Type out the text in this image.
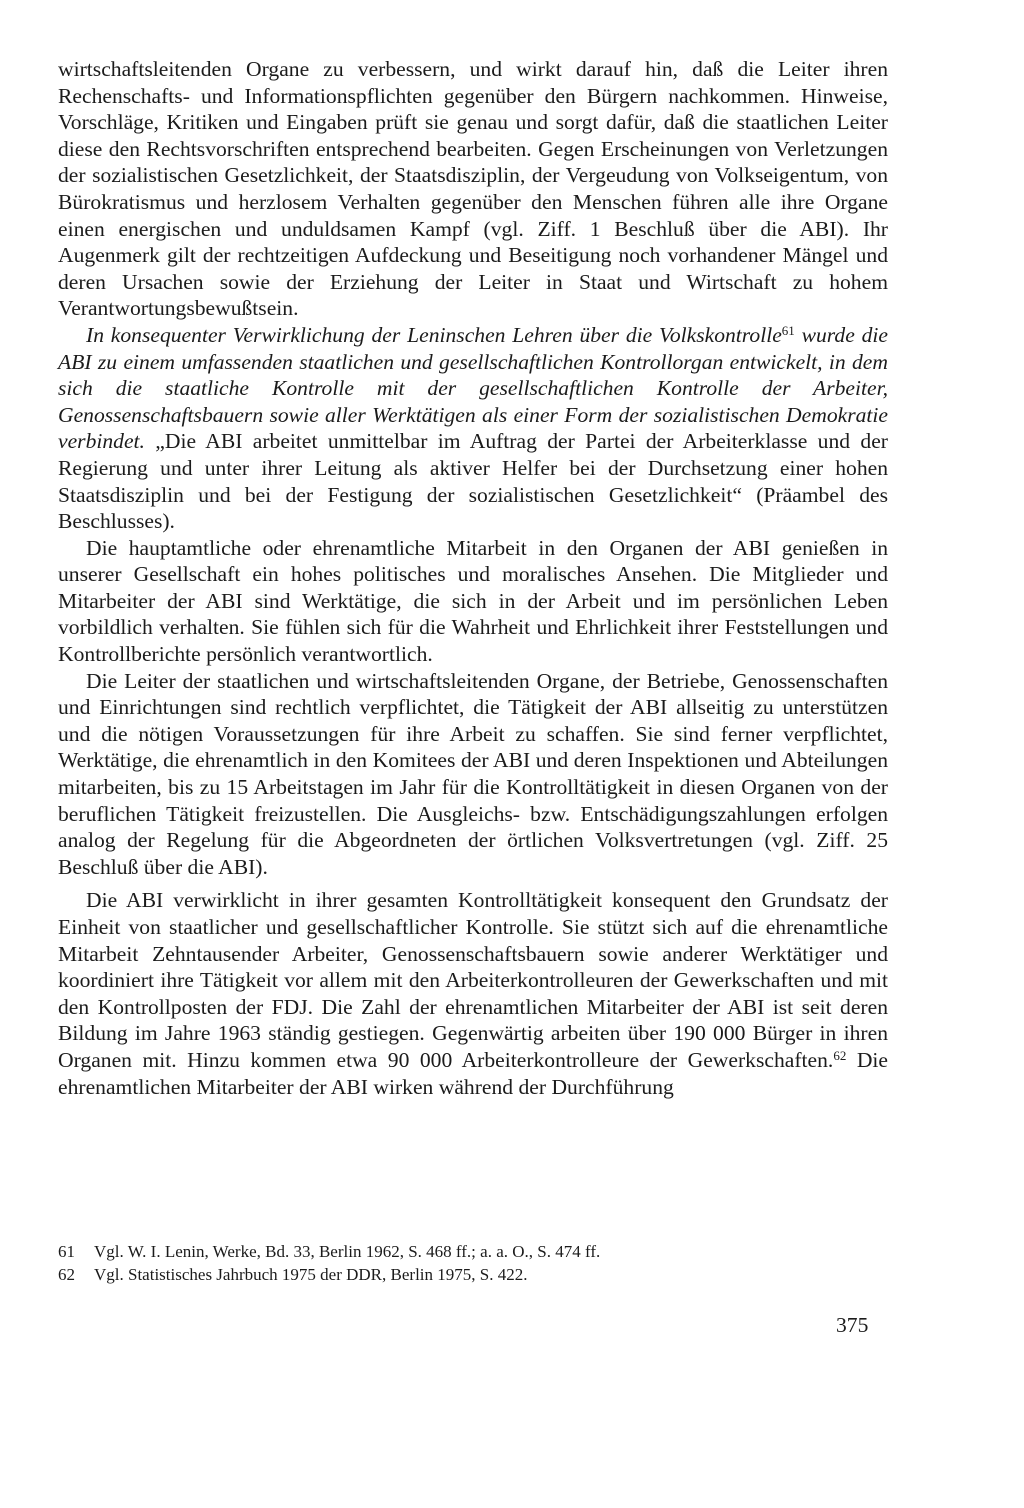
wirtschaftsleitenden Organe zu verbessern, und wirkt darauf hin, daß die Leiter ihren Rechenschafts- und Informationspflichten gegenüber den Bürgern nachkommen. Hinweise, Vorschläge, Kritiken und Eingaben prüft sie genau und sorgt dafür, daß die staatlichen Leiter diese den Rechtsvorschriften entsprechend bearbeiten. Gegen Erscheinungen von Verletzungen der sozialistischen Gesetzlichkeit, der Staatsdisziplin, der Vergeudung von Volkseigentum, von Bürokratismus und herzlosem Verhalten gegenüber den Menschen führen alle ihre Organe einen energischen und unduldsamen Kampf (vgl. Ziff. 1 Beschluß über die ABI). Ihr Augenmerk gilt der rechtzeitigen Aufdeckung und Beseitigung noch vorhandener Mängel und deren Ursachen sowie der Erziehung der Leiter in Staat und Wirtschaft zu hohem Verantwortungsbewußtsein.

In konsequenter Verwirklichung der Leninschen Lehren über die Volkskontrolle$^{61}$ wurde die ABI zu einem umfassenden staatlichen und gesellschaftlichen Kontrollorgan entwickelt, in dem sich die staatliche Kontrolle mit der gesellschaftlichen Kontrolle der Arbeiter, Genossenschaftsbauern sowie aller Werktätigen als einer Form der sozialistischen Demokratie verbindet. „Die ABI arbeitet unmittelbar im Auftrag der Partei der Arbeiterklasse und der Regierung und unter ihrer Leitung als aktiver Helfer bei der Durchsetzung einer hohen Staatsdisziplin und bei der Festigung der sozialistischen Gesetzlichkeit“ (Präambel des Beschlusses).

Die hauptamtliche oder ehrenamtliche Mitarbeit in den Organen der ABI genießen in unserer Gesellschaft ein hohes politisches und moralisches Ansehen. Die Mitglieder und Mitarbeiter der ABI sind Werktätige, die sich in der Arbeit und im persönlichen Leben vorbildlich verhalten. Sie fühlen sich für die Wahrheit und Ehrlichkeit ihrer Feststellungen und Kontrollberichte persönlich verantwortlich.

Die Leiter der staatlichen und wirtschaftsleitenden Organe, der Betriebe, Genossenschaften und Einrichtungen sind rechtlich verpflichtet, die Tätigkeit der ABI allseitig zu unterstützen und die nötigen Voraussetzungen für ihre Arbeit zu schaffen. Sie sind ferner verpflichtet, Werktätige, die ehrenamtlich in den Komitees der ABI und deren Inspektionen und Abteilungen mitarbeiten, bis zu 15 Arbeitstagen im Jahr für die Kontrolltätigkeit in diesen Organen von der beruflichen Tätigkeit freizustellen. Die Ausgleichs- bzw. Entschädigungszahlungen erfolgen analog der Regelung für die Abgeordneten der örtlichen Volksvertretungen (vgl. Ziff. 25 Beschluß über die ABI).

Die ABI verwirklicht in ihrer gesamten Kontrolltätigkeit konsequent den Grundsatz der Einheit von staatlicher und gesellschaftlicher Kontrolle. Sie stützt sich auf die ehrenamtliche Mitarbeit Zehntausender Arbeiter, Genossenschaftsbauern sowie anderer Werktätiger und koordiniert ihre Tätigkeit vor allem mit den Arbeiterkontrolleuren der Gewerkschaften und mit den Kontrollposten der FDJ. Die Zahl der ehrenamtlichen Mitarbeiter der ABI ist seit deren Bildung im Jahre 1963 ständig gestiegen. Gegenwärtig arbeiten über 190 000 Bürger in ihren Organen mit. Hinzu kommen etwa 90 000 Arbeiterkontrolleure der Gewerkschaften.$^{62}$ Die ehrenamtlichen Mitarbeiter der ABI wirken während der Durchführung

61	Vgl. W. I. Lenin, Werke, Bd. 33, Berlin 1962, S. 468 ff.; a. a. O., S. 474 ff.
62	Vgl. Statistisches Jahrbuch 1975 der DDR, Berlin 1975, S. 422.
375
